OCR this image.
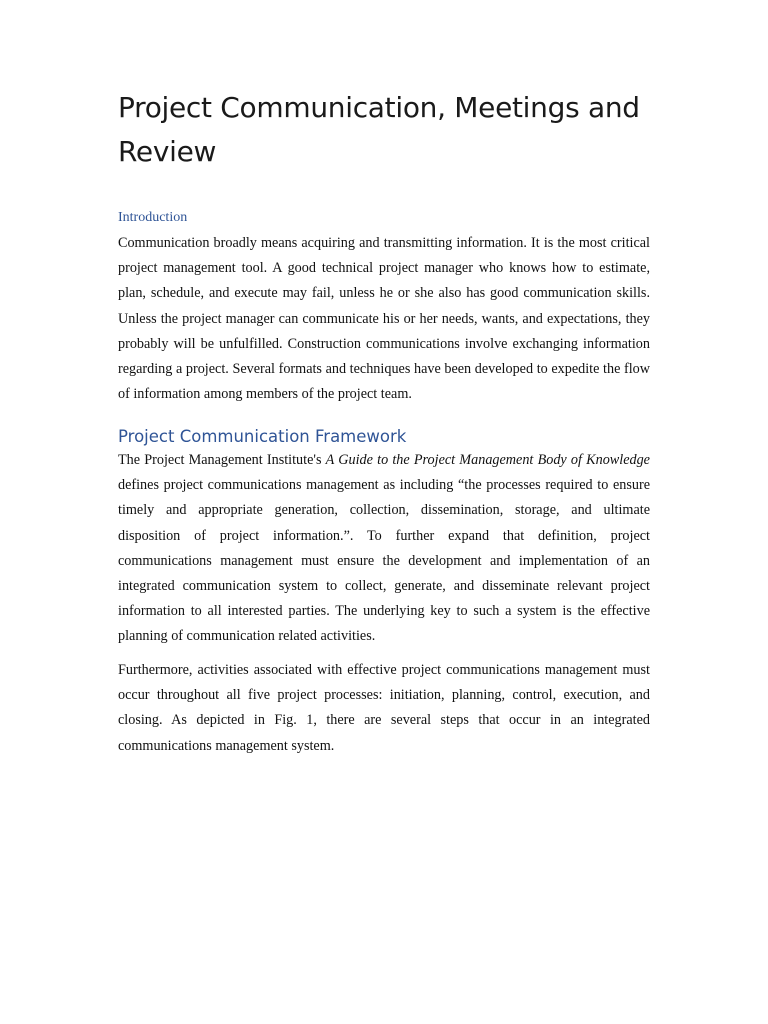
Project Communication, Meetings and Review
Introduction

Communication broadly means acquiring and transmitting information. It is the most critical project management tool. A good technical project manager who knows how to estimate, plan, schedule, and execute may fail, unless he or she also has good communication skills. Unless the project manager can communicate his or her needs, wants, and expectations, they probably will be unfulfilled. Construction communications involve exchanging information regarding a project. Several formats and techniques have been developed to expedite the flow of information among members of the project team.

Project Communication Framework

The Project Management Institute's A Guide to the Project Management Body of Knowledge defines project communications management as including “the processes required to ensure timely and appropriate generation, collection, dissemination, storage, and ultimate disposition of project information.”. To further expand that definition, project communications management must ensure the development and implementation of an integrated communication system to collect, generate, and disseminate relevant project information to all interested parties. The underlying key to such a system is the effective planning of communication related activities.

Furthermore, activities associated with effective project communications management must occur throughout all five project processes: initiation, planning, control, execution, and closing. As depicted in Fig. 1, there are several steps that occur in an integrated communications management system.
